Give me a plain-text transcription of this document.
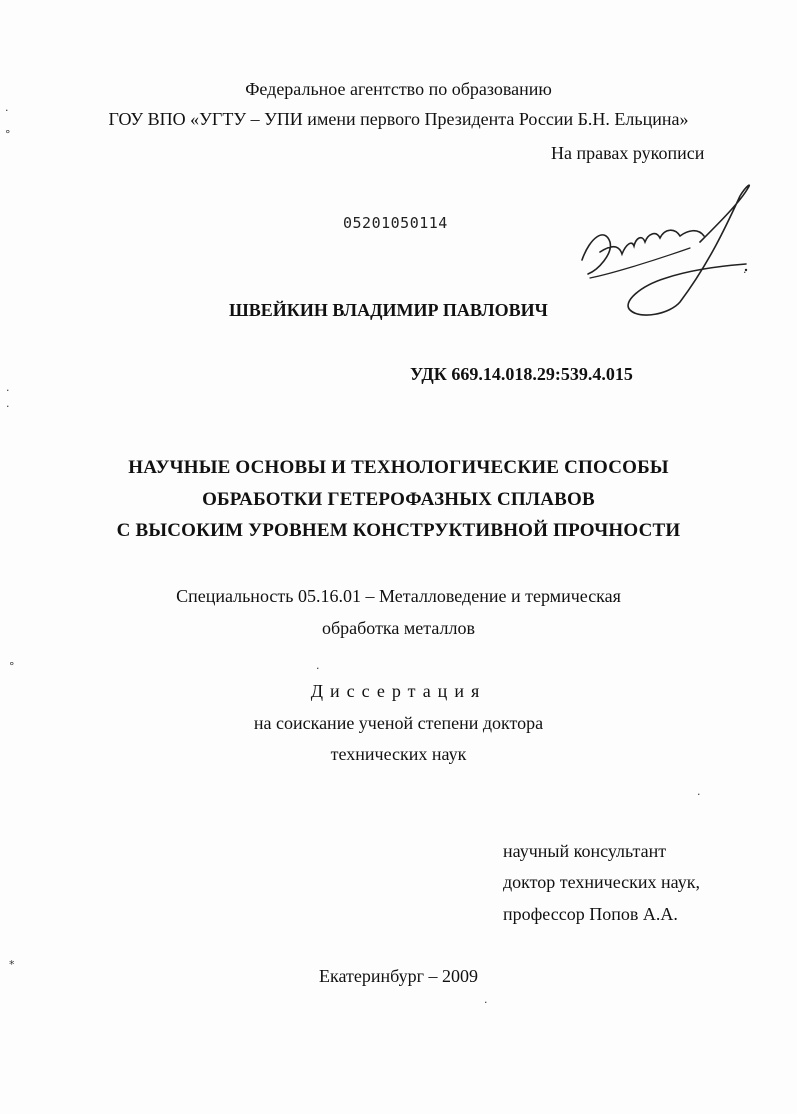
Федеральное агентство по образованию
ГОУ ВПО «УГТУ – УПИ имени первого Президента России Б.Н. Ельцина»
На правах рукописи
05201050114
ШВЕЙКИН ВЛАДИМИР ПАВЛОВИЧ
УДК 669.14.018.29:539.4.015
НАУЧНЫЕ ОСНОВЫ И ТЕХНОЛОГИЧЕСКИЕ СПОСОБЫ
ОБРАБОТКИ ГЕТЕРОФАЗНЫХ СПЛАВОВ
С ВЫСОКИМ УРОВНЕМ КОНСТРУКТИВНОЙ ПРОЧНОСТИ
Специальность 05.16.01 – Металловедение и термическая
обработка металлов
Диссертация
на соискание ученой степени доктора
технических наук
научный консультант
доктор технических наук,
профессор Попов А.А.
Екатеринбург – 2009
·
°
·
·
°
*
·
·
·
·
